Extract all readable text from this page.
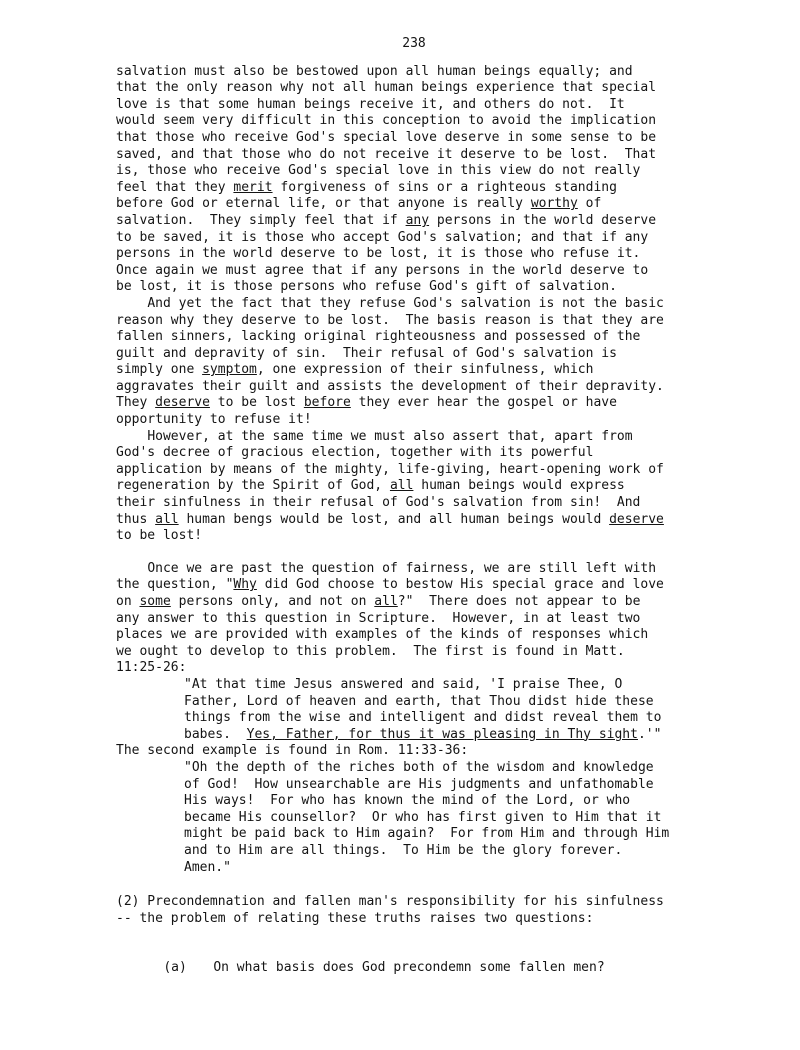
238

salvation must also be bestowed upon all human beings equally; and
that the only reason why not all human beings experience that special
love is that some human beings receive it, and others do not.  It
would seem very difficult in this conception to avoid the implication
that those who receive God's special love deserve in some sense to be
saved, and that those who do not receive it deserve to be lost.  That
is, those who receive God's special love in this view do not really
feel that they merit forgiveness of sins or a righteous standing
before God or eternal life, or that anyone is really worthy of
salvation.  They simply feel that if any persons in the world deserve
to be saved, it is those who accept God's salvation; and that if any
persons in the world deserve to be lost, it is those who refuse it.
Once again we must agree that if any persons in the world deserve to
be lost, it is those persons who refuse God's gift of salvation.

And yet the fact that they refuse God's salvation is not the basic
reason why they deserve to be lost.  The basis reason is that they are
fallen sinners, lacking original righteousness and possessed of the
guilt and depravity of sin.  Their refusal of God's salvation is
simply one symptom, one expression of their sinfulness, which
aggravates their guilt and assists the development of their depravity.
They deserve to be lost before they ever hear the gospel or have
opportunity to refuse it!

However, at the same time we must also assert that, apart from
God's decree of gracious election, together with its powerful
application by means of the mighty, life-giving, heart-opening work of
regeneration by the Spirit of God, all human beings would express
their sinfulness in their refusal of God's salvation from sin!  And
thus all human bengs would be lost, and all human beings would deserve
to be lost!

Once we are past the question of fairness, we are still left with
the question, "Why did God choose to bestow His special grace and love
on some persons only, and not on all?"  There does not appear to be
any answer to this question in Scripture.  However, in at least two
places we are provided with examples of the kinds of responses which
we ought to develop to this problem.  The first is found in Matt.
11:25-26:

"At that time Jesus answered and said, 'I praise Thee, O
Father, Lord of heaven and earth, that Thou didst hide these
things from the wise and intelligent and didst reveal them to
babes.  Yes, Father, for thus it was pleasing in Thy sight.'"

The second example is found in Rom. 11:33-36:

"Oh the depth of the riches both of the wisdom and knowledge
of God!  How unsearchable are His judgments and unfathomable
His ways!  For who has known the mind of the Lord, or who
became His counsellor?  Or who has first given to Him that it
might be paid back to Him again?  For from Him and through Him
and to Him are all things.  To Him be the glory forever.
Amen."

(2) Precondemnation and fallen man's responsibility for his sinfulness
-- the problem of relating these truths raises two questions:

(a) On what basis does God precondemn some fallen men?
